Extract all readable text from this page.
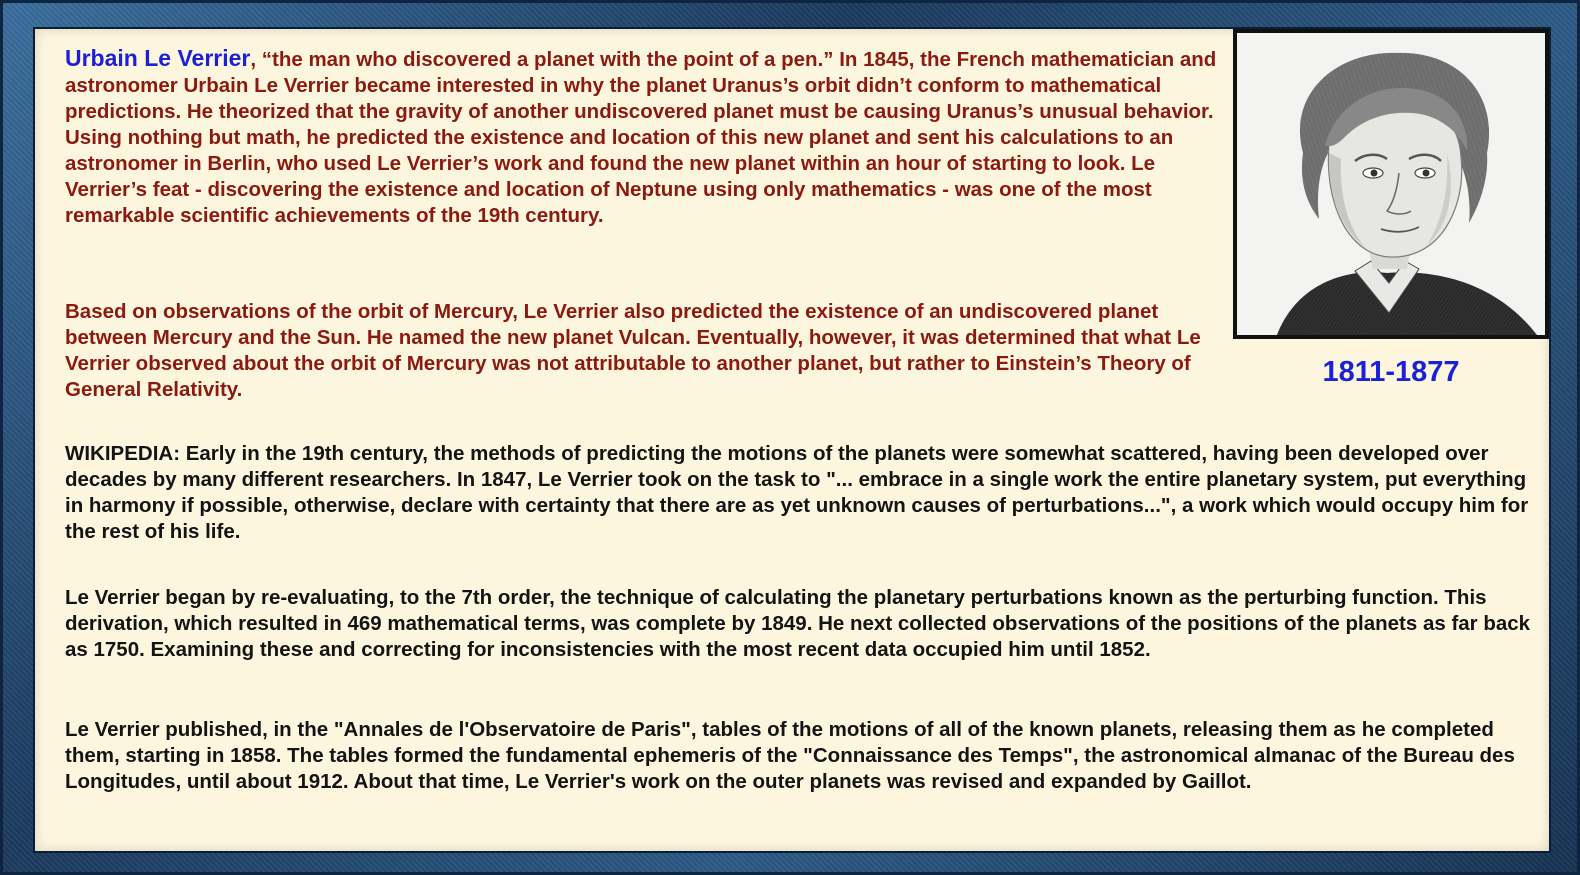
Urbain Le Verrier, “the man who discovered a planet with the point of a pen.” In 1845, the French mathematician and astronomer Urbain Le Verrier became interested in why the planet Uranus’s orbit didn’t conform to mathematical predictions. He theorized that the gravity of another undiscovered planet must be causing Uranus’s unusual behavior. Using nothing but math, he predicted the existence and location of this new planet and sent his calculations to an astronomer in Berlin, who used Le Verrier’s work and found the new planet within an hour of starting to look. Le Verrier’s feat - discovering the existence and location of Neptune using only mathematics - was one of the most remarkable scientific achievements of the 19th century.

Based on observations of the orbit of Mercury, Le Verrier also predicted the existence of an undiscovered planet between Mercury and the Sun. He named the new planet Vulcan. Eventually, however, it was determined that what Le Verrier observed about the orbit of Mercury was not attributable to another planet, but rather to Einstein’s Theory of General Relativity.

1811-1877

WIKIPEDIA: Early in the 19th century, the methods of predicting the motions of the planets were somewhat scattered, having been developed over decades by many different researchers. In 1847, Le Verrier took on the task to "... embrace in a single work the entire planetary system, put everything in harmony if possible, otherwise, declare with certainty that there are as yet unknown causes of perturbations...", a work which would occupy him for the rest of his life.

Le Verrier began by re-evaluating, to the 7th order, the technique of calculating the planetary perturbations known as the perturbing function. This derivation, which resulted in 469 mathematical terms, was complete by 1849. He next collected observations of the positions of the planets as far back as 1750. Examining these and correcting for inconsistencies with the most recent data occupied him until 1852.

Le Verrier published, in the "Annales de l'Observatoire de Paris", tables of the motions of all of the known planets, releasing them as he completed them, starting in 1858. The tables formed the fundamental ephemeris of the "Connaissance des Temps", the astronomical almanac of the Bureau des Longitudes, until about 1912. About that time, Le Verrier's work on the outer planets was revised and expanded by Gaillot.
